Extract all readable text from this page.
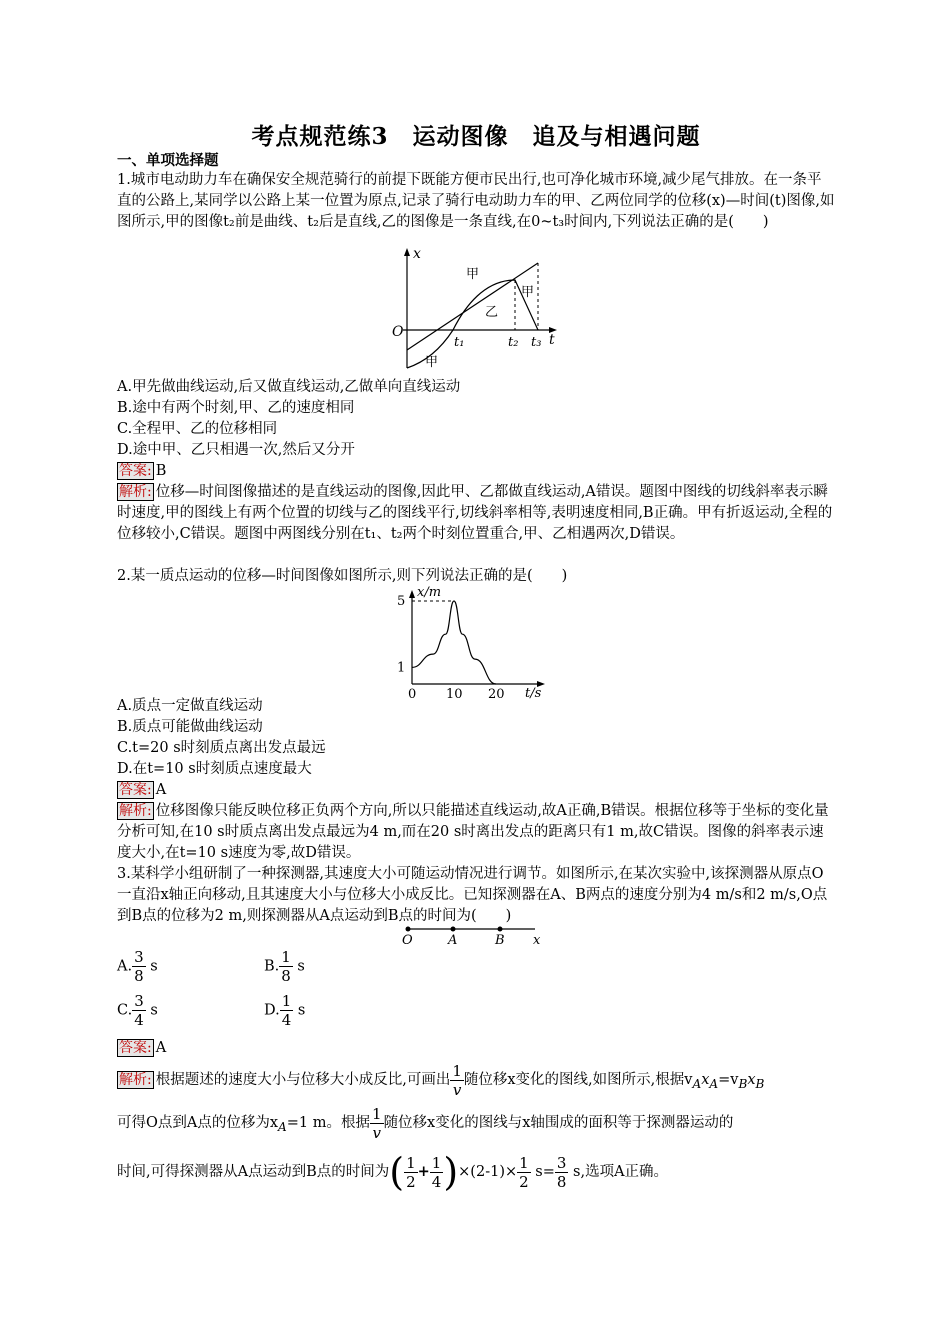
考点规范练3　运动图像　追及与相遇问题
一、单项选择题
1.城市电动助力车在确保安全规范骑行的前提下既能方便市民出行,也可净化城市环境,减少尾气排放。在一条平直的公路上,某同学以公路上某一位置为原点,记录了骑行电动助力车的甲、乙两位同学的位移(x)—时间(t)图像,如图所示,甲的图像t₂前是曲线、t₂后是直线,乙的图像是一条直线,在0~t₃时间内,下列说法正确的是(　　)
x
O	t
t₁	t₂ t₃
甲
甲
甲
乙
A.甲先做曲线运动,后又做直线运动,乙做单向直线运动
B.途中有两个时刻,甲、乙的速度相同
C.全程甲、乙的位移相同
D.途中甲、乙只相遇一次,然后又分开
答案: B
解析: 位移—时间图像描述的是直线运动的图像,因此甲、乙都做直线运动,A错误。题图中图线的切线斜率表示瞬时速度,甲的图线上有两个位置的切线与乙的图线平行,切线斜率相等,表明速度相同,B正确。甲有折返运动,全程的位移较小,C错误。题图中两图线分别在t₁、t₂两个时刻位置重合,甲、乙相遇两次,D错误。
2.某一质点运动的位移—时间图像如图所示,则下列说法正确的是(　　)
5
1
0 10 20
x/m
t/s
A.质点一定做直线运动
B.质点可能做曲线运动
C.t=20 s时刻质点离出发点最远
D.在t=10 s时刻质点速度最大
答案: A
解析: 位移图像只能反映位移正负两个方向,所以只能描述直线运动,故A正确,B错误。根据位移等于坐标的变化量分析可知,在10 s时质点离出发点最远为4 m,而在20 s时离出发点的距离只有1 m,故C错误。图像的斜率表示速度大小,在t=10 s速度为零,故D错误。
3.某科学小组研制了一种探测器,其速度大小可随运动情况进行调节。如图所示,在某次实验中,该探测器从原点O一直沿x轴正向移动,且其速度大小与位移大小成反比。已知探测器在A、B两点的速度分别为4 m/s和2 m/s,O点到B点的位移为2 m,则探测器从A点运动到B点的时间为(　　)
O	A	B x
A. $\frac{3}{8}$ s	B. $\frac{1}{8}$ s
C. $\frac{3}{4}$ s	D. $\frac{1}{4}$ s
答案: A
解析: 根据题述的速度大小与位移大小成反比,可画出 $\frac{1}{v}$ 随位移x变化的图线,如图所示,根据$v_Ax_A=v_Bx_B$
可得O点到A点的位移为$x_A=1$ m。根据 $\frac{1}{v}$ 随位移x变化的图线与x轴围成的面积等于探测器运动的
时间,可得探测器从A点运动到B点的时间为( $\frac{1}{2} + \frac{1}{4} )\times(2-1)\times \frac{1}{2} s= \frac{3}{8} s$,选项A正确。
